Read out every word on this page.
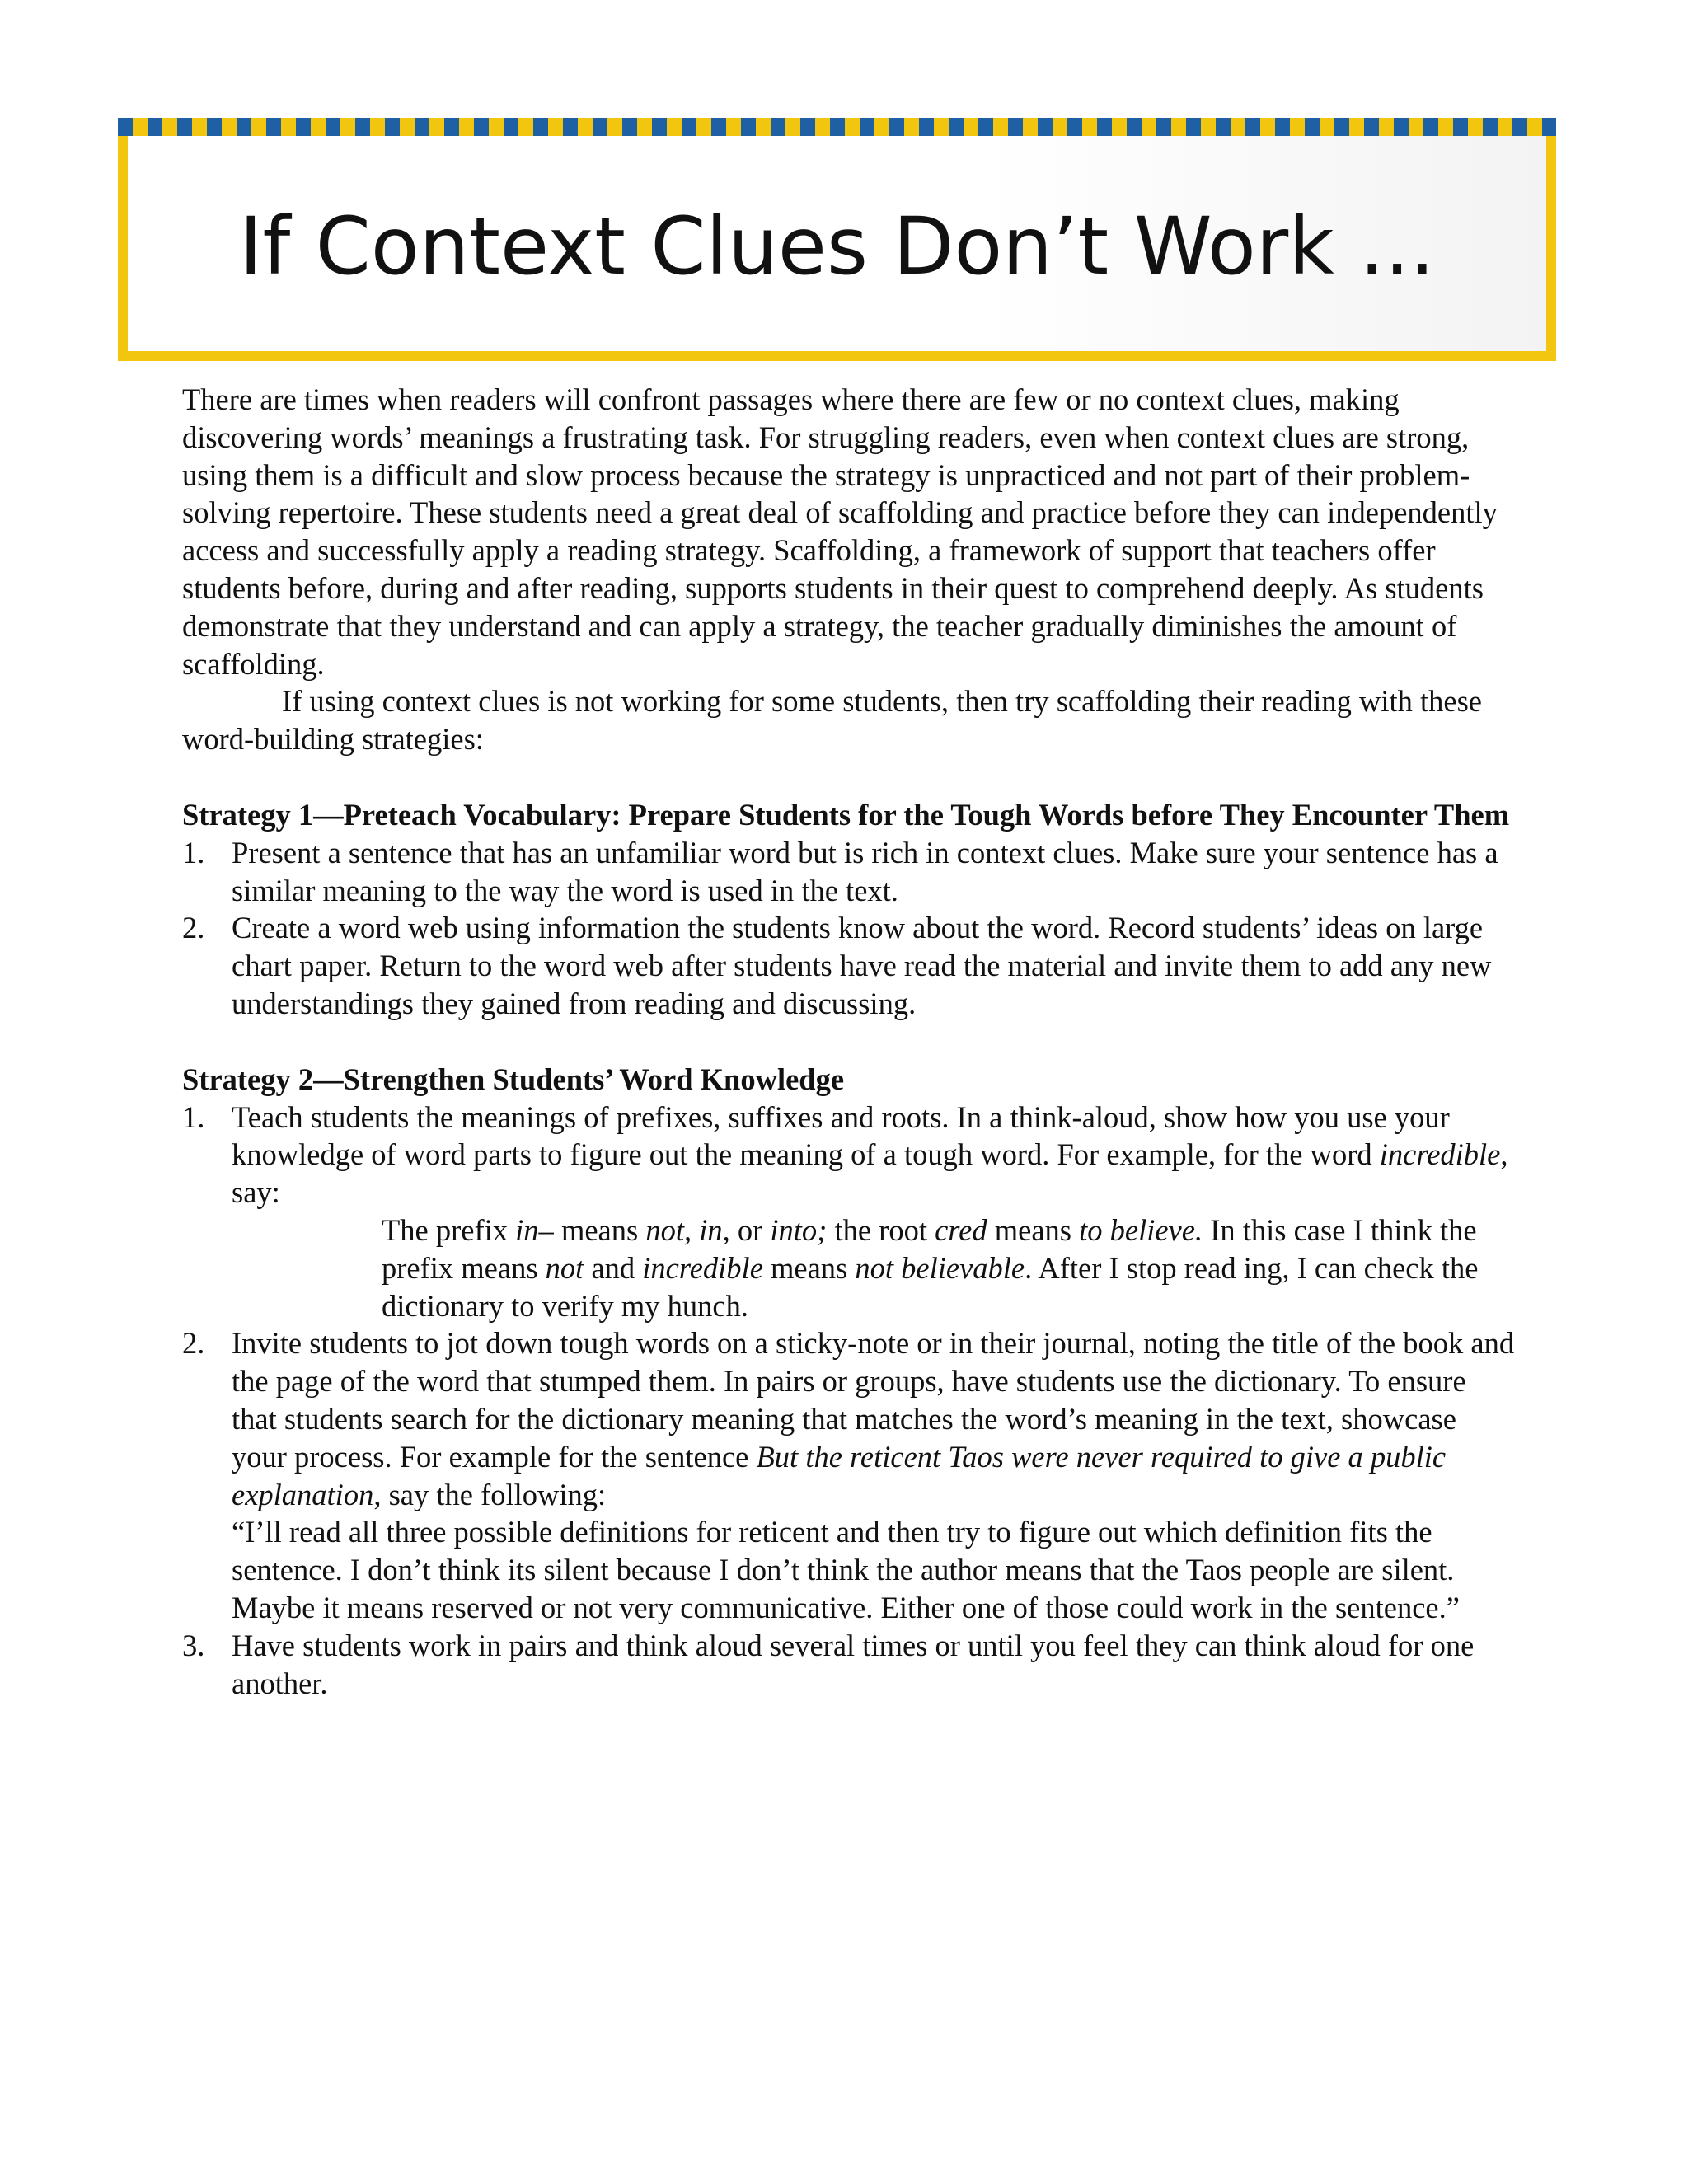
If Context Clues Don’t Work ...

There are times when readers will confront passages where there are few or no context clues, making discovering words’ meanings a frustrating task. For struggling readers, even when context clues are strong, using them is a difficult and slow process because the strategy is unpracticed and not part of their problem-solving repertoire. These students need a great deal of scaffolding and practice before they can independently access and successfully apply a reading strategy. Scaffolding, a framework of support that teachers offer students before, during and after reading, supports students in their quest to comprehend deeply. As students demonstrate that they understand and can apply a strategy, the teacher gradually diminishes the amount of scaffolding.

If using context clues is not working for some students, then try scaffolding their reading with these word-building strategies:

Strategy 1—Preteach Vocabulary: Prepare Students for the Tough Words before They Encounter Them

1. Present a sentence that has an unfamiliar word but is rich in context clues. Make sure your sentence has a similar meaning to the way the word is used in the text.
2. Create a word web using information the students know about the word. Record students’ ideas on large chart paper. Return to the word web after students have read the material and invite them to add any new understandings they gained from reading and discussing.

Strategy 2—Strengthen Students’ Word Knowledge

1. Teach students the meanings of prefixes, suffixes and roots. In a think-aloud, show how you use your knowledge of word parts to figure out the meaning of a tough word. For example, for the word incredible, say:
The prefix in– means not, in, or into; the root cred means to believe. In this case I think the prefix means not and incredible means not believable. After I stop read ing, I can check the dictionary to verify my hunch.
2. Invite students to jot down tough words on a sticky-note or in their journal, noting the title of the book and the page of the word that stumped them. In pairs or groups, have students use the dictionary. To ensure that students search for the dictionary meaning that matches the word’s meaning in the text, showcase your process. For example for the sentence But the reticent Taos were never required to give a public explanation, say the following:
“I’ll read all three possible definitions for reticent and then try to figure out which definition fits the sentence. I don’t think its silent because I don’t think the author means that the Taos people are silent. Maybe it means reserved or not very communicative. Either one of those could work in the sentence.”
3. Have students work in pairs and think aloud several times or until you feel they can think aloud for one another.
